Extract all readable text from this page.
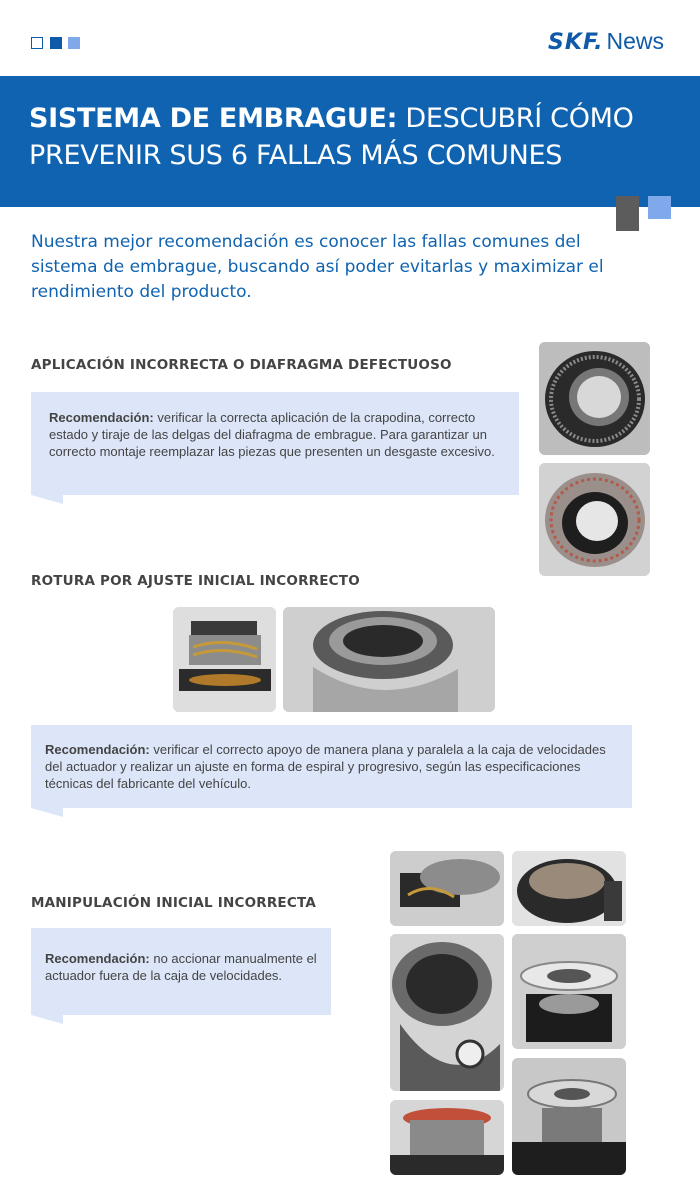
SKF. News
SISTEMA DE EMBRAGUE: DESCUBRÍ CÓMO PREVENIR SUS 6 FALLAS MÁS COMUNES

Nuestra mejor recomendación es conocer las fallas comunes del sistema de embrague, buscando así poder evitarlas y maximizar el rendimiento del producto.

APLICACIÓN INCORRECTA O DIAFRAGMA DEFECTUOSO
Recomendación: verificar la correcta aplicación de la crapodina, correcto estado y tiraje de las delgas del diafragma de embrague. Para garantizar un correcto montaje reemplazar las piezas que presenten un desgaste excesivo.
ROTURA POR AJUSTE INICIAL INCORRECTO
Recomendación: verificar el correcto apoyo de manera plana y paralela a la caja de velocidades del actuador y realizar un ajuste en forma de espiral y progresivo, según las especificaciones técnicas del fabricante del vehículo.
MANIPULACIÓN INICIAL INCORRECTA
Recomendación: no accionar manualmente el actuador fuera de la caja de velocidades.
